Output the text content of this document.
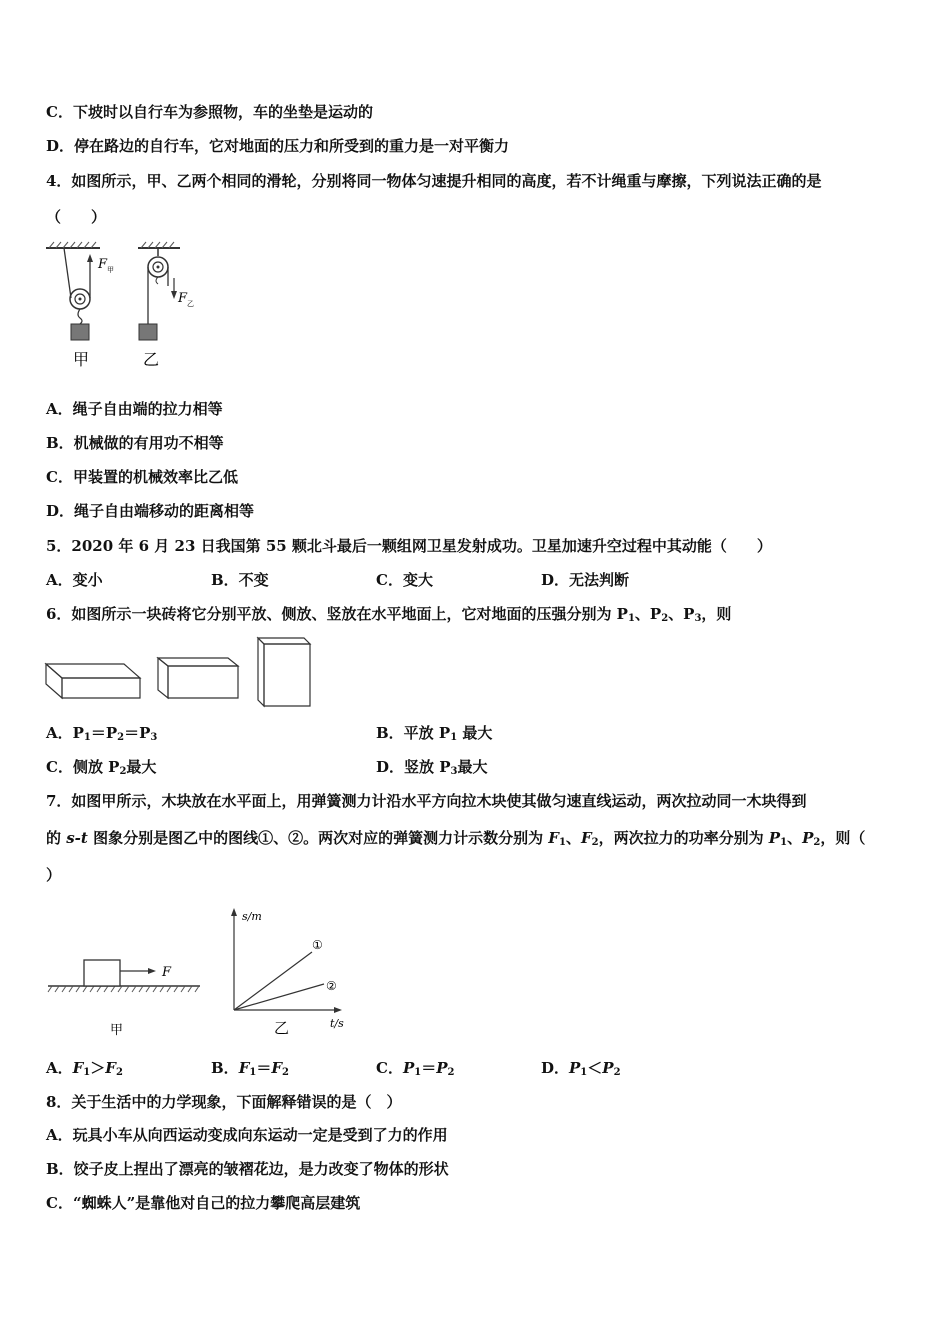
C．下坡时以自行车为参照物，车的坐垫是运动的
D．停在路边的自行车，它对地面的压力和所受到的重力是一对平衡力
4．如图所示，甲、乙两个相同的滑轮，分别将同一物体匀速提升相同的高度，若不计绳重与摩擦，下列说法正确的是
（　　）
F 甲
F 乙
甲	乙
A．绳子自由端的拉力相等
B．机械做的有用功不相等
C．甲装置的机械效率比乙低
D．绳子自由端移动的距离相等
5．2020 年 6 月 23 日我国第 55 颗北斗最后一颗组网卫星发射成功。卫星加速升空过程中其动能（　　）
A．变小	B．不变	C．变大	D．无法判断
6．如图所示一块砖将它分别平放、侧放、竖放在水平地面上，它对地面的压强分别为 $P_1$、$P_2$、$P_3$，则
A．$P_1=P_2=P_3$	B．平放 $P_1$ 最大
C．侧放 $P_2$最大	D．竖放 $P_3$最大
7．如图甲所示，木块放在水平面上，用弹簧测力计沿水平方向拉木块使其做匀速直线运动，两次拉动同一木块得到
的 s-t 图象分别是图乙中的图线①、②。两次对应的弹簧测力计示数分别为 $F_1$、$F_2$，两次拉力的功率分别为 $P_1$、$P_2$，则（
）
F
甲
s/m
t/s
①
②
乙
A．$F_1>F_2$	B．$F_1=F_2$	C．$P_1=P_2$	D．$P_1<P_2$
8．关于生活中的力学现象，下面解释错误的是（　）
A．玩具小车从向西运动变成向东运动一定是受到了力的作用
B．饺子皮上捏出了漂亮的皱褶花边，是力改变了物体的形状
C．“蜘蛛人”是靠他对自己的拉力攀爬高层建筑
